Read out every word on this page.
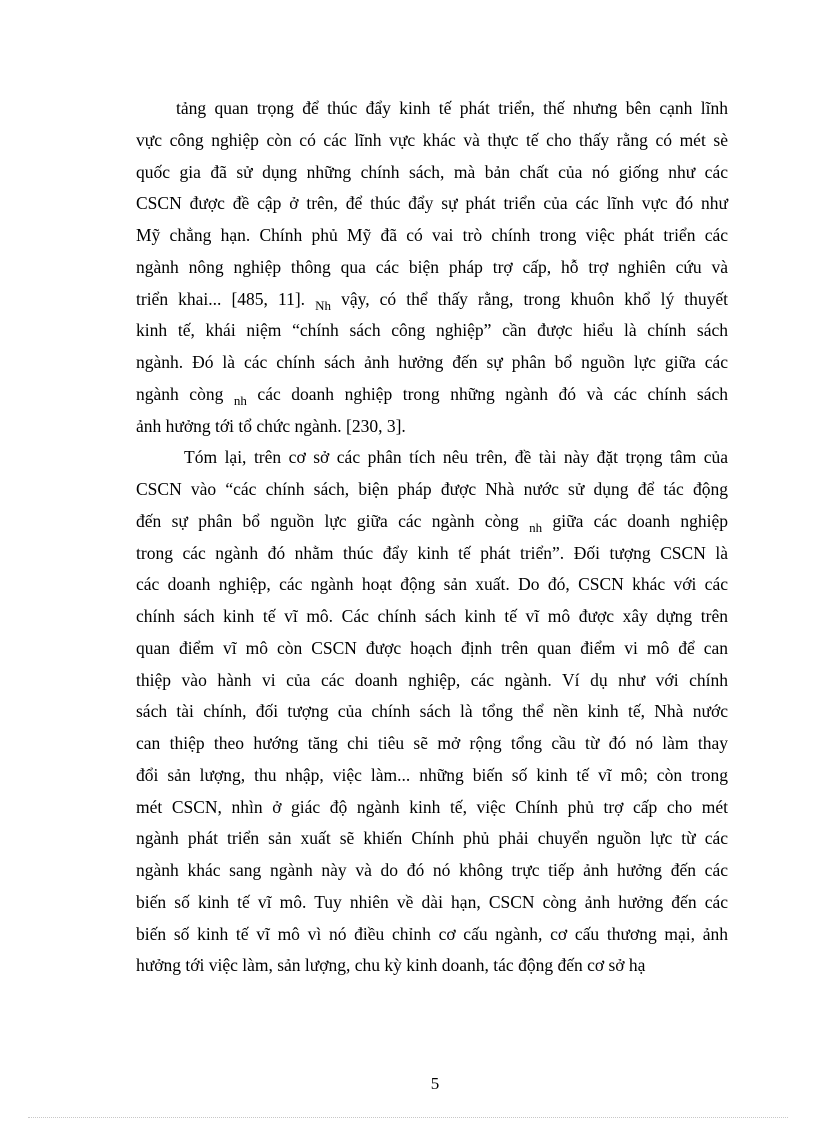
tảng quan trọng để thúc đẩy kinh tế phát triển, thế nhưng bên cạnh lĩnh
vực công nghiệp còn có các lĩnh vực khác và thực tế cho thấy rằng có mét sè
quốc gia đã sử dụng những chính sách, mà bản chất của nó giống như các
CSCN được đề cập ở trên, để thúc đẩy sự phát triển của các lĩnh vực đó như
Mỹ chẳng hạn. Chính phủ Mỹ đã có vai trò chính trong việc phát triển các
ngành nông nghiệp thông qua các biện pháp trợ cấp, hỗ trợ nghiên cứu và
triển khai... [485, 11]. $_{Nh}$ vậy, có thể thấy rằng, trong khuôn khổ lý thuyết
kinh tế, khái niệm “chính sách công nghiệp” cần được hiểu là chính sách
ngành. Đó là các chính sách ảnh hưởng đến sự phân bổ nguồn lực giữa các
ngành còng $_{nh}$ các doanh nghiệp trong những ngành đó và các chính sách
ảnh hưởng tới tổ chức ngành. [230, 3].
Tóm lại, trên cơ sở các phân tích nêu trên, đề tài này đặt trọng tâm của
CSCN vào “các chính sách, biện pháp được Nhà nước sử dụng để tác động
đến sự phân bổ nguồn lực giữa các ngành còng $_{nh}$ giữa các doanh nghiệp
trong các ngành đó nhằm thúc đẩy kinh tế phát triển”. Đối tượng CSCN là
các doanh nghiệp, các ngành hoạt động sản xuất. Do đó, CSCN khác với các
chính sách kinh tế vĩ mô. Các chính sách kinh tế vĩ mô được xây dựng trên
quan điểm vĩ mô còn CSCN được hoạch định trên quan điểm vi mô để can
thiệp vào hành vi của các doanh nghiệp, các ngành. Ví dụ như với chính
sách tài chính, đối tượng của chính sách là tổng thể nền kinh tế, Nhà nước
can thiệp theo hướng tăng chi tiêu sẽ mở rộng tổng cầu từ đó nó làm thay
đổi sản lượng, thu nhập, việc làm... những biến số kinh tế vĩ mô; còn trong
mét CSCN, nhìn ở giác độ ngành kinh tế, việc Chính phủ trợ cấp cho mét
ngành phát triển sản xuất sẽ khiến Chính phủ phải chuyển nguồn lực từ các
ngành khác sang ngành này và do đó nó không trực tiếp ảnh hưởng đến các
biến số kinh tế vĩ mô. Tuy nhiên về dài hạn, CSCN còng ảnh hưởng đến các
biến số kinh tế vĩ mô vì nó điều chỉnh cơ cấu ngành, cơ cấu thương mại, ảnh
hưởng tới việc làm, sản lượng, chu kỳ kinh doanh, tác động đến cơ sở hạ
5
